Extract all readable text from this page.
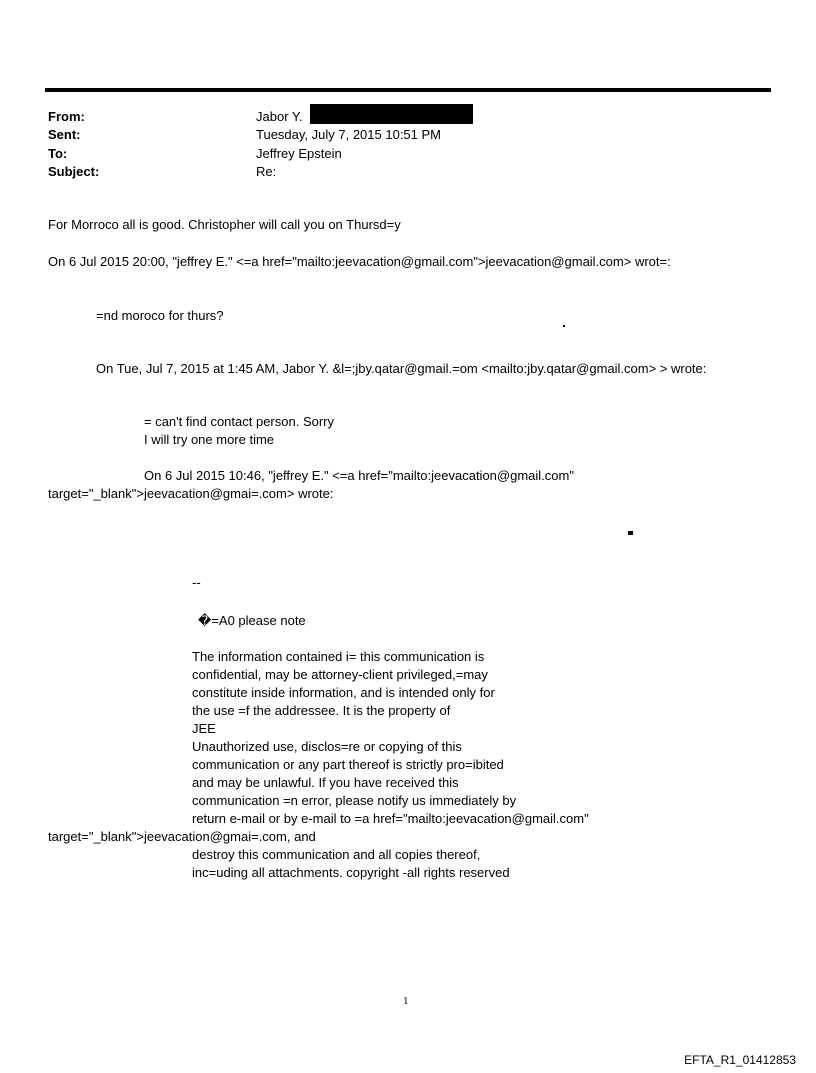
From:	Jabor Y.
Sent:	Tuesday, July 7, 2015 10:51 PM
To:	Jeffrey Epstein
Subject:	Re:
For Morroco all is good. Christopher will call you on Thursd=y
On 6 Jul 2015 20:00, "jeffrey E." <=a href="mailto:jeevacation@gmail.com">jeevacation@gmail.com> wrot=:
=nd moroco for thurs?
On Tue, Jul 7, 2015 at 1:45 AM, Jabor Y. &l=;jby.qatar@gmail.=om <mailto:jby.qatar@gmail.com> > wrote:
= can't find contact person. Sorry
I will try one more time
On 6 Jul 2015 10:46, "jeffrey E." <=a href="mailto:jeevacation@gmail.com"
target="_blank">jeevacation@gmai=.com> wrote:
--
�=A0 please note
The information contained i= this communication is
confidential, may be attorney-client privileged,=may
constitute inside information, and is intended only for
the use =f the addressee. It is the property of
JEE
Unauthorized use, disclos=re or copying of this
communication or any part thereof is strictly pro=ibited
and may be unlawful. If you have received this
communication =n error, please notify us immediately by
return e-mail or by e-mail to =a href="mailto:jeevacation@gmail.com"
target="_blank">jeevacation@gmai=.com, and
destroy this communication and all copies thereof,
inc=uding all attachments. copyright -all rights reserved
1
EFTA_R1_01412853
